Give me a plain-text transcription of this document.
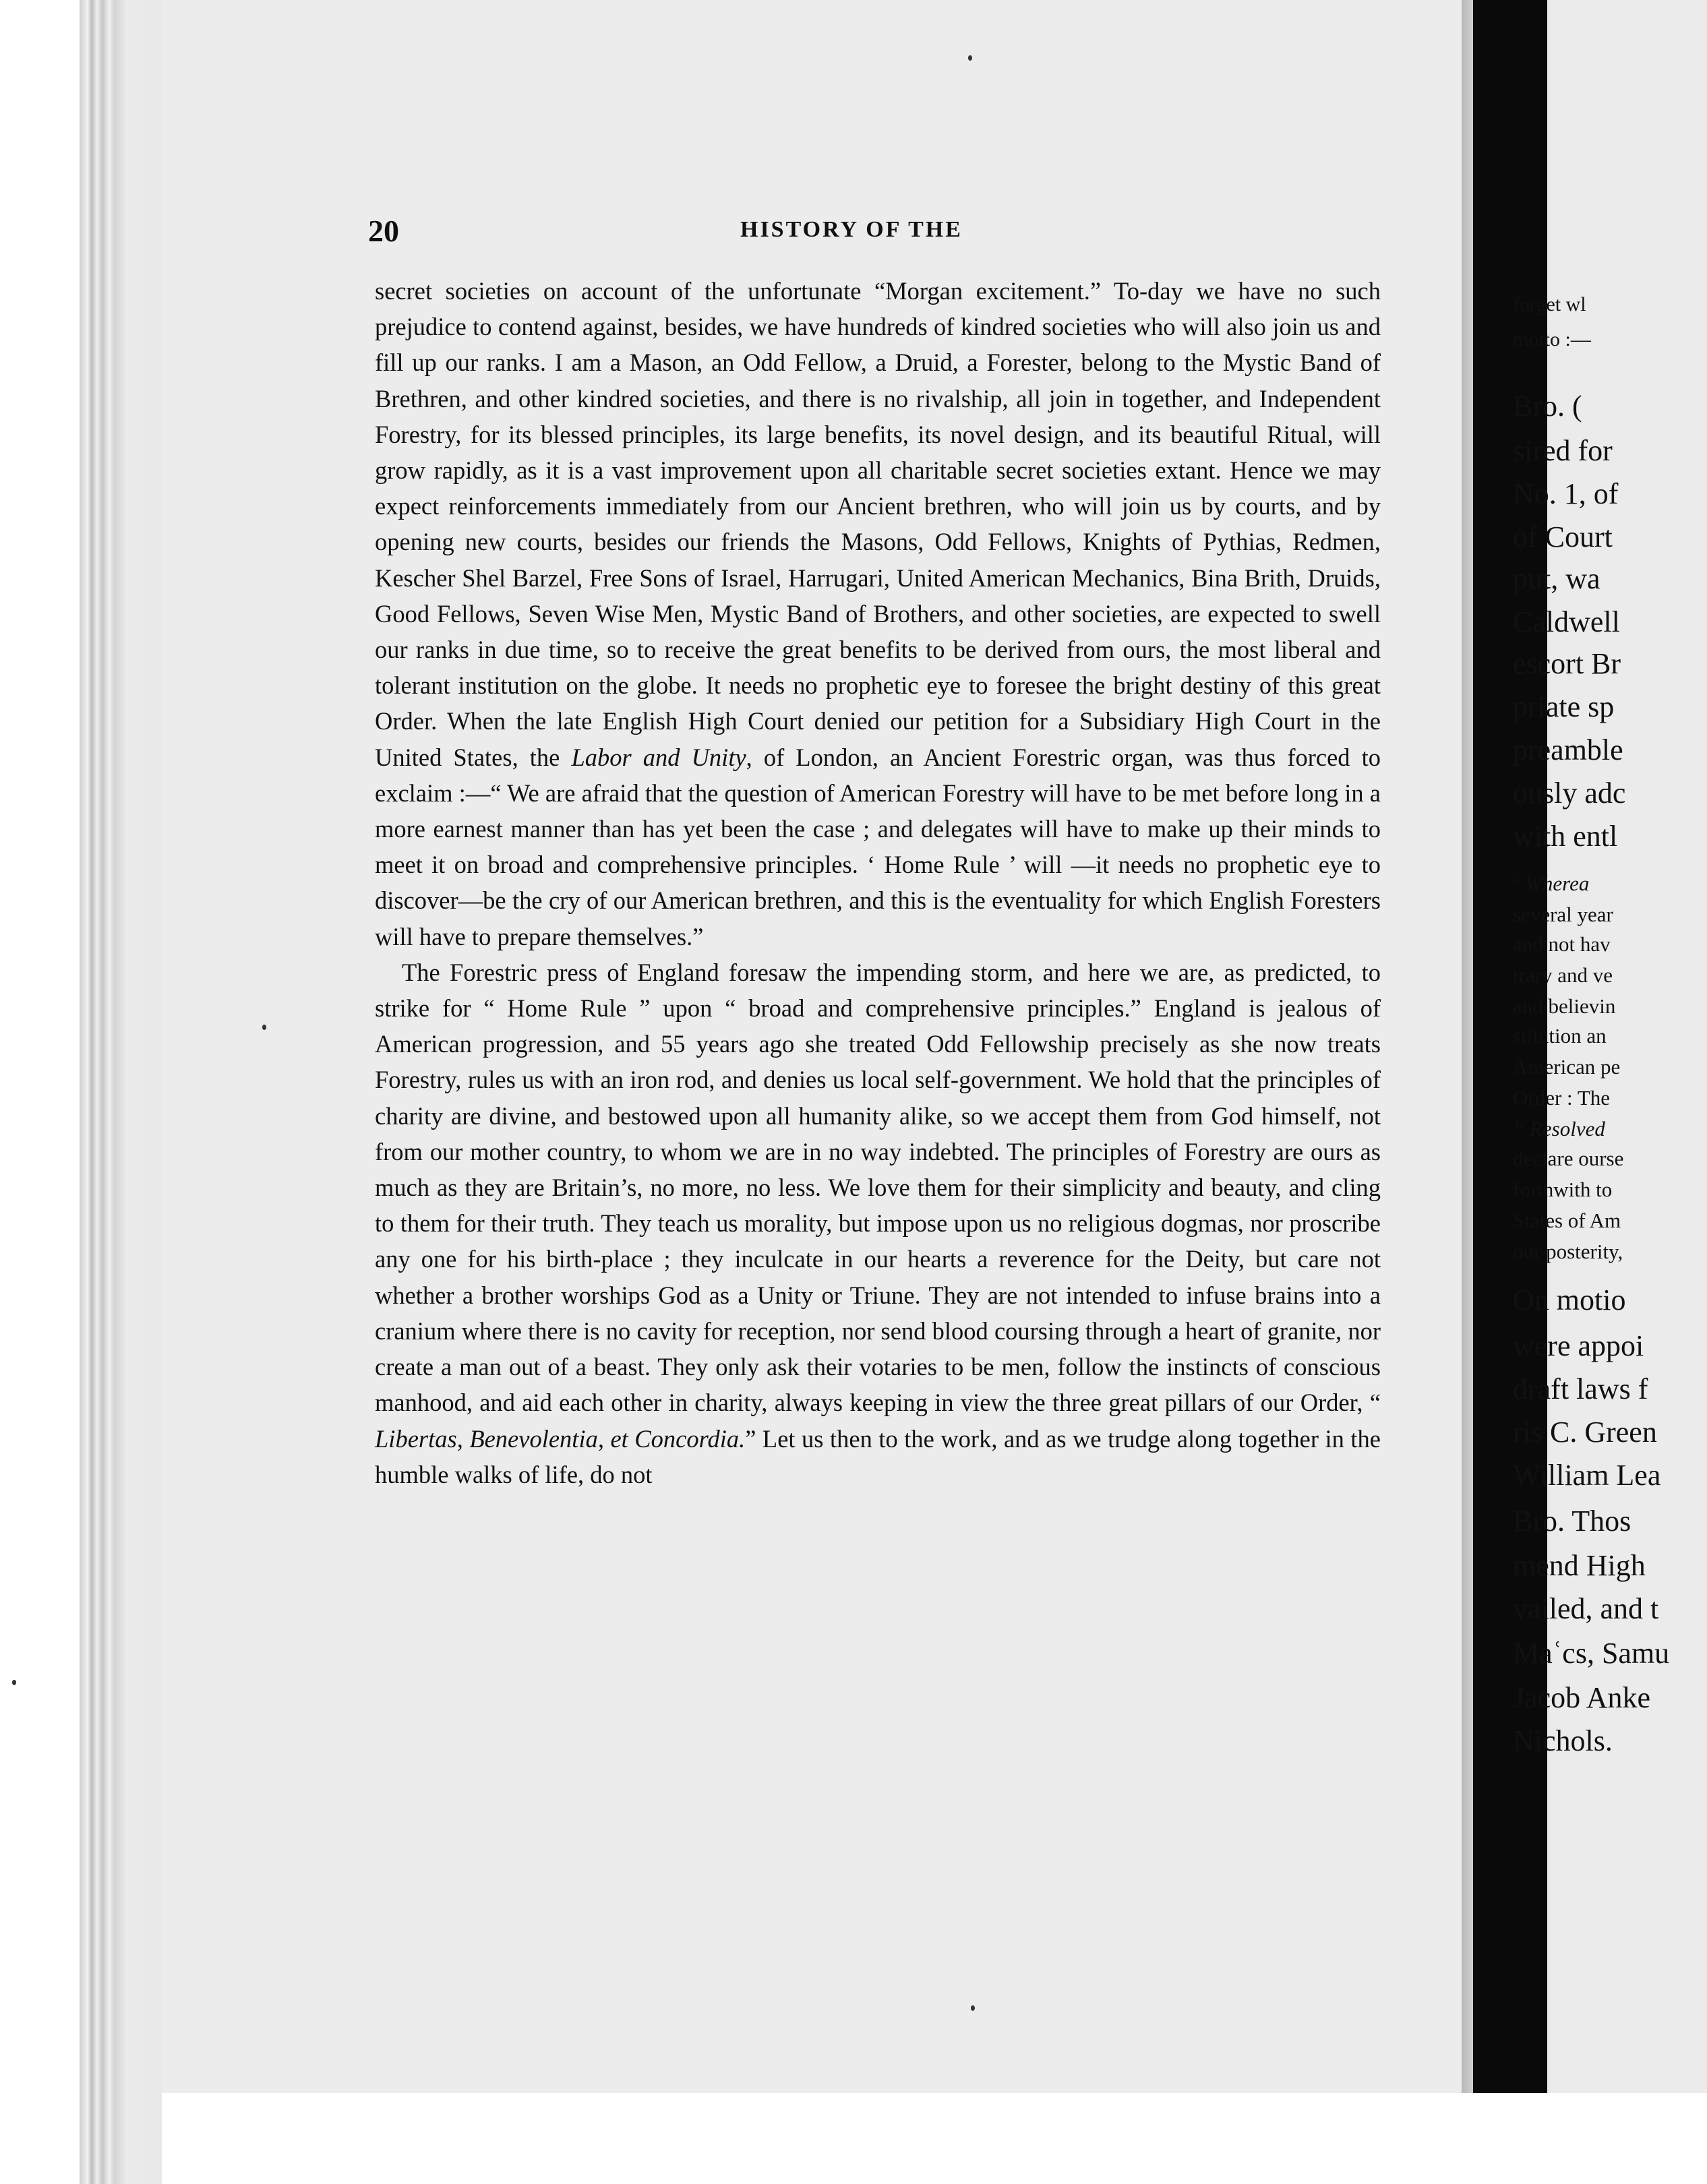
20	HISTORY OF THE

secret societies on account of the unfortunate “Morgan excitement.” To-day we have no such prejudice to contend against, besides, we have hundreds of kindred societies who will also join us and fill up our ranks. I am a Mason, an Odd Fellow, a Druid, a Forester, belong to the Mystic Band of Brethren, and other kindred societies, and there is no rivalship, all join in together, and Independent Forestry, for its blessed principles, its large benefits, its novel design, and its beautiful Ritual, will grow rapidly, as it is a vast improvement upon all charitable secret societies extant. Hence we may expect reinforcements immediately from our Ancient brethren, who will join us by courts, and by opening new courts, besides our friends the Masons, Odd Fellows, Knights of Pythias, Redmen, Kescher Shel Barzel, Free Sons of Israel, Harrugari, United American Mechanics, Bina Brith, Druids, Good Fellows, Seven Wise Men, Mystic Band of Brothers, and other societies, are expected to swell our ranks in due time, so to receive the great benefits to be derived from ours, the most liberal and tolerant institution on the globe. It needs no prophetic eye to foresee the bright destiny of this great Order. When the late English High Court denied our petition for a Subsidiary High Court in the United States, the Labor and Unity, of London, an Ancient Forestric organ, was thus forced to exclaim :—“ We are afraid that the question of American Forestry will have to be met before long in a more earnest manner than has yet been the case ; and delegates will have to make up their minds to meet it on broad and comprehensive principles. ‘ Home Rule ’ will —it needs no prophetic eye to discover—be the cry of our American brethren, and this is the eventuality for which English Foresters will have to prepare themselves.”

The Forestric press of England foresaw the impending storm, and here we are, as predicted, to strike for “ Home Rule ” upon “ broad and comprehensive principles.” England is jealous of American progression, and 55 years ago she treated Odd Fellowship precisely as she now treats Forestry, rules us with an iron rod, and denies us local self-government. We hold that the principles of charity are divine, and bestowed upon all humanity alike, so we accept them from God himself, not from our mother country, to whom we are in no way indebted. The principles of Forestry are ours as much as they are Britain’s, no more, no less. We love them for their simplicity and beauty, and cling to them for their truth. They teach us morality, but impose upon us no religious dogmas, nor proscribe any one for his birth-place ; they inculcate in our hearts a reverence for the Deity, but care not whether a brother worships God as a Unity or Triune. They are not intended to infuse brains into a cranium where there is no cavity for reception, nor send blood coursing through a heart of granite, nor create a man out of a beast. They only ask their votaries to be men, follow the instincts of conscious manhood, and aid each other in charity, always keeping in view the three great pillars of our Order, “ Libertas, Benevolentia, et Concordia.” Let us then to the work, and as we trudge along together in the humble walks of life, do not

forget wl
motto :—
Bro. (
sired for
No. 1, of
of Court
put, wa
Caldwell
escort Br
priate sp
preamble
ously adc
with entl
‘ Wherea
several year
and not hav
trary and ve
and believin
stitution an
American pe
Order : The
“ Resolved
declare ourse
forthwith to
States of Am
our posterity,
On motio
were appoi
draft laws f
ris C. Green
William Lea
Bro. Thos
mend High
vailed, and t
Maʿcs, Samu
Jacob Anke
Nichols.
